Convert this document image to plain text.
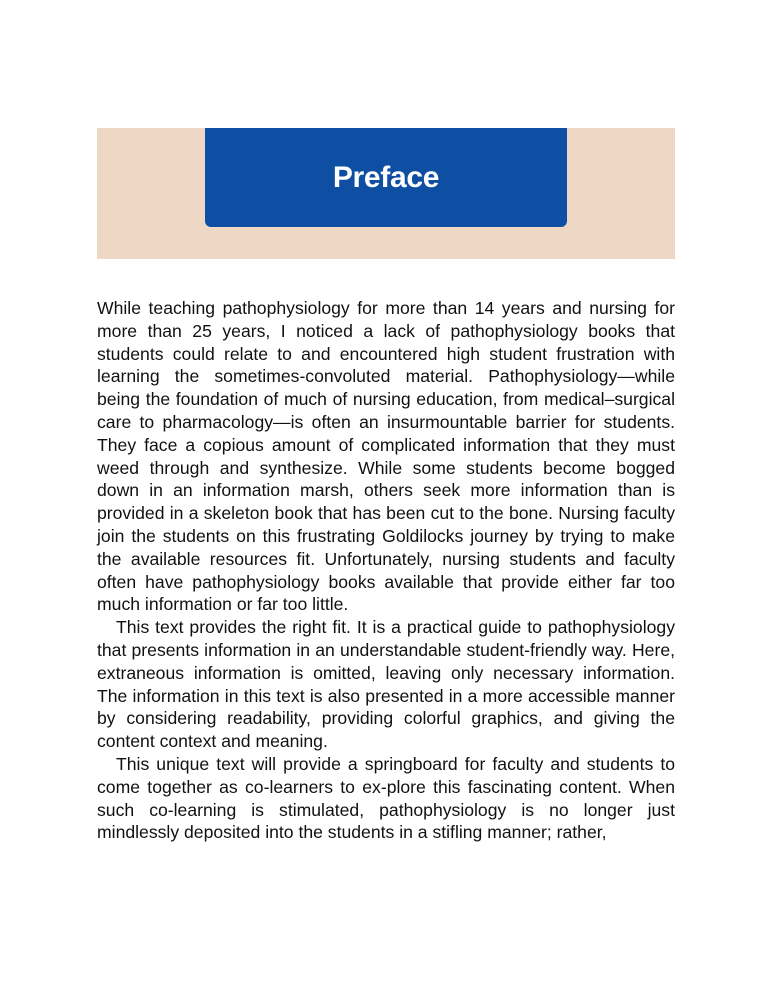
Preface

While teaching pathophysiology for more than 14 years and nursing for more than 25 years, I noticed a lack of pathophysiology books that students could relate to and encountered high student frustration with learning the sometimes-convoluted material. Pathophysiology—while being the foundation of much of nursing education, from medical–surgical care to pharmacology—is often an insurmountable barrier for students. They face a copious amount of complicated information that they must weed through and synthesize. While some students become bogged down in an information marsh, others seek more information than is provided in a skeleton book that has been cut to the bone. Nursing faculty join the students on this frustrating Goldilocks journey by trying to make the available resources fit. Unfortunately, nursing students and faculty often have pathophysiology books available that provide either far too much information or far too little.

This text provides the right fit. It is a practical guide to pathophysiology that presents information in an understandable student-friendly way. Here, extraneous information is omitted, leaving only necessary information. The information in this text is also presented in a more accessible manner by considering readability, providing colorful graphics, and giving the content context and meaning.

This unique text will provide a springboard for faculty and students to come together as co-learners to ex-plore this fascinating content. When such co-learning is stimulated, pathophysiology is no longer just mindlessly deposited into the students in a stifling manner; rather,
